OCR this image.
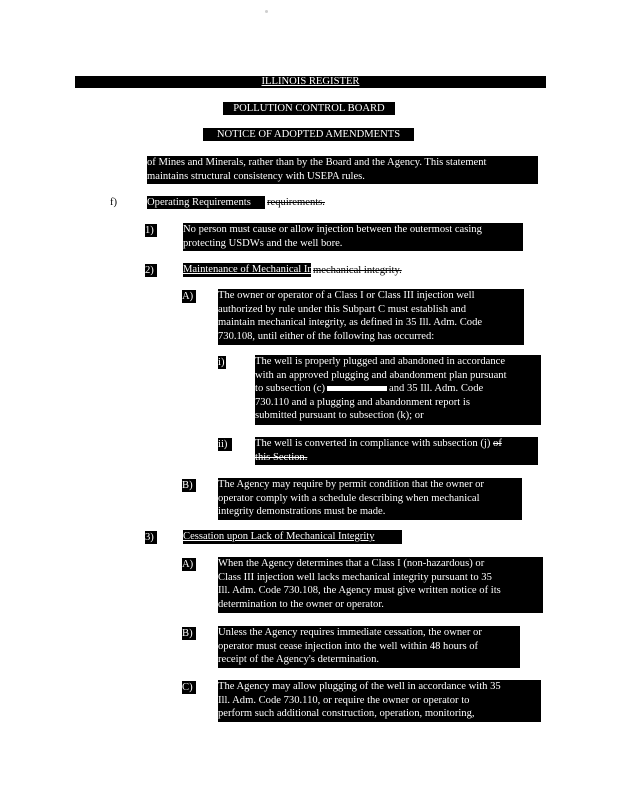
ILLINOIS REGISTER
POLLUTION CONTROL BOARD
NOTICE OF ADOPTED AMENDMENTS
of Mines and Minerals, rather than by the Board and the Agency. This statement
maintains structural consistency with USEPA rules.
f)	Operating Requirements	requirements.
1)	No person must cause or allow injection between the outermost casing
protecting USDWs and the well bore.
2)	Maintenance of Mechanical Integrity
mechanical integrity.
A) The owner or operator of a Class I or Class III injection well
authorized by rule under this Subpart C must establish and
maintain mechanical integrity, as defined in 35 Ill. Adm. Code
730.108, until either of the following has occurred:
i)	The well is properly plugged and abandoned in accordance
with an approved plugging and abandonment plan pursuant
to subsection (c)	and 35 Ill. Adm. Code
730.110 and a plugging and abandonment report is
submitted pursuant to subsection (k); or
ii)	The well is converted in compliance with subsection (j) of
this Section.
B)	The Agency may require by permit condition that the owner or
operator comply with a schedule describing when mechanical
integrity demonstrations must be made.
3)	Cessation upon Lack of Mechanical Integrity
A) When the Agency determines that a Class I (non-hazardous) or
Class III injection well lacks mechanical integrity pursuant to 35
Ill. Adm. Code 730.108, the Agency must give written notice of its
determination to the owner or operator.
B)	Unless the Agency requires immediate cessation, the owner or
operator must cease injection into the well within 48 hours of
receipt of the Agency's determination.
C)	The Agency may allow plugging of the well in accordance with 35
Ill. Adm. Code 730.110, or require the owner or operator to
perform such additional construction, operation, monitoring,
